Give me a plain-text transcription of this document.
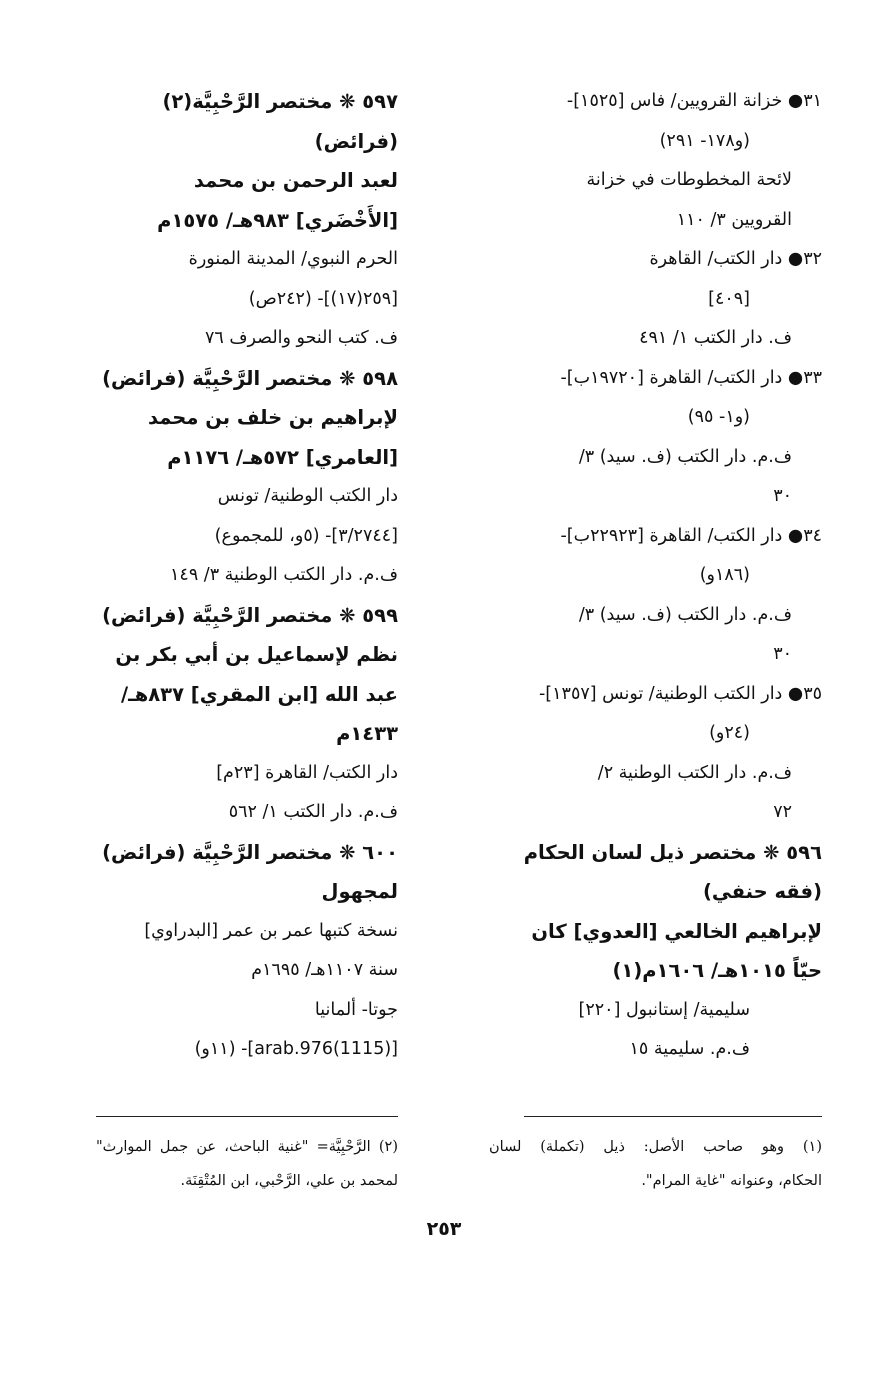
٣١● خزانة القرويين/ فاس [١٥٢٥]-
(و١٧٨- ٢٩١)
لائحة المخطوطات في خزانة
القرويين ٣/ ١١٠
٣٢● دار الكتب/ القاهرة
[٤٠٩]
ف. دار الكتب ١/ ٤٩١
٣٣● دار الكتب/ القاهرة [١٩٧٢٠ب]-
(و١- ٩٥)
ف.م. دار الكتب (ف. سيد) ٣/
٣٠
٣٤● دار الكتب/ القاهرة [٢٢٩٢٣ب]-
(١٨٦و)
ف.م. دار الكتب (ف. سيد) ٣/
٣٠
٣٥● دار الكتب الوطنية/ تونس [١٣٥٧]-
(٢٤و)
ف.م. دار الكتب الوطنية ٢/
٧٢
٥٩٦ ❋ مختصر ذيل لسان الحكام
(فقه حنفي)
لإبراهيم الخالعي [العدوي] كان
حيّاً ١٠١٥هـ/ ١٦٠٦م(١)
سليمية/ إستانبول [٢٢٠]
ف.م. سليمية ١٥
٥٩٧ ❋ مختصر الرَّحْبِيَّة(٢)
(فرائض)
لعبد الرحمن بن محمد
[الأَخْضَري] ٩٨٣هـ/ ١٥٧٥م
الحرم النبوي/ المدينة المنورة
[٢٥٩(١٧)]- (٢٤٢ص)
ف. كتب النحو والصرف ٧٦
٥٩٨ ❋ مختصر الرَّحْبِيَّة (فرائض)
لإبراهيم بن خلف بن محمد
[العامري] ٥٧٢هـ/ ١١٧٦م
دار الكتب الوطنية/ تونس
[٣/٢٧٤٤]- (٥و، للمجموع)
ف.م. دار الكتب الوطنية ٣/ ١٤٩
٥٩٩ ❋ مختصر الرَّحْبِيَّة (فرائض)
نظم لإسماعيل بن أبي بكر بن
عبد الله [ابن المقري] ٨٣٧هـ/
١٤٣٣م
دار الكتب/ القاهرة [٢٣م]
ف.م. دار الكتب ١/ ٥٦٢
٦٠٠ ❋ مختصر الرَّحْبِيَّة (فرائض)
لمجهول
نسخة كتبها عمر بن عمر [البدراوي]
سنة ١١٠٧هـ/ ١٦٩٥م
جوتا- ألمانيا
[arab.976(1115)]- (١١و)
(١) وهو صاحب الأصل: ذيل (تكملة) لسان
الحكام، وعنوانه "غاية المرام".
(٢) الرَّحْبِيَّة= "غنية الباحث، عن جمل الموارث"
لمحمد بن علي، الرَّحْبي، ابن المُتْقِنَة.
٢٥٣
